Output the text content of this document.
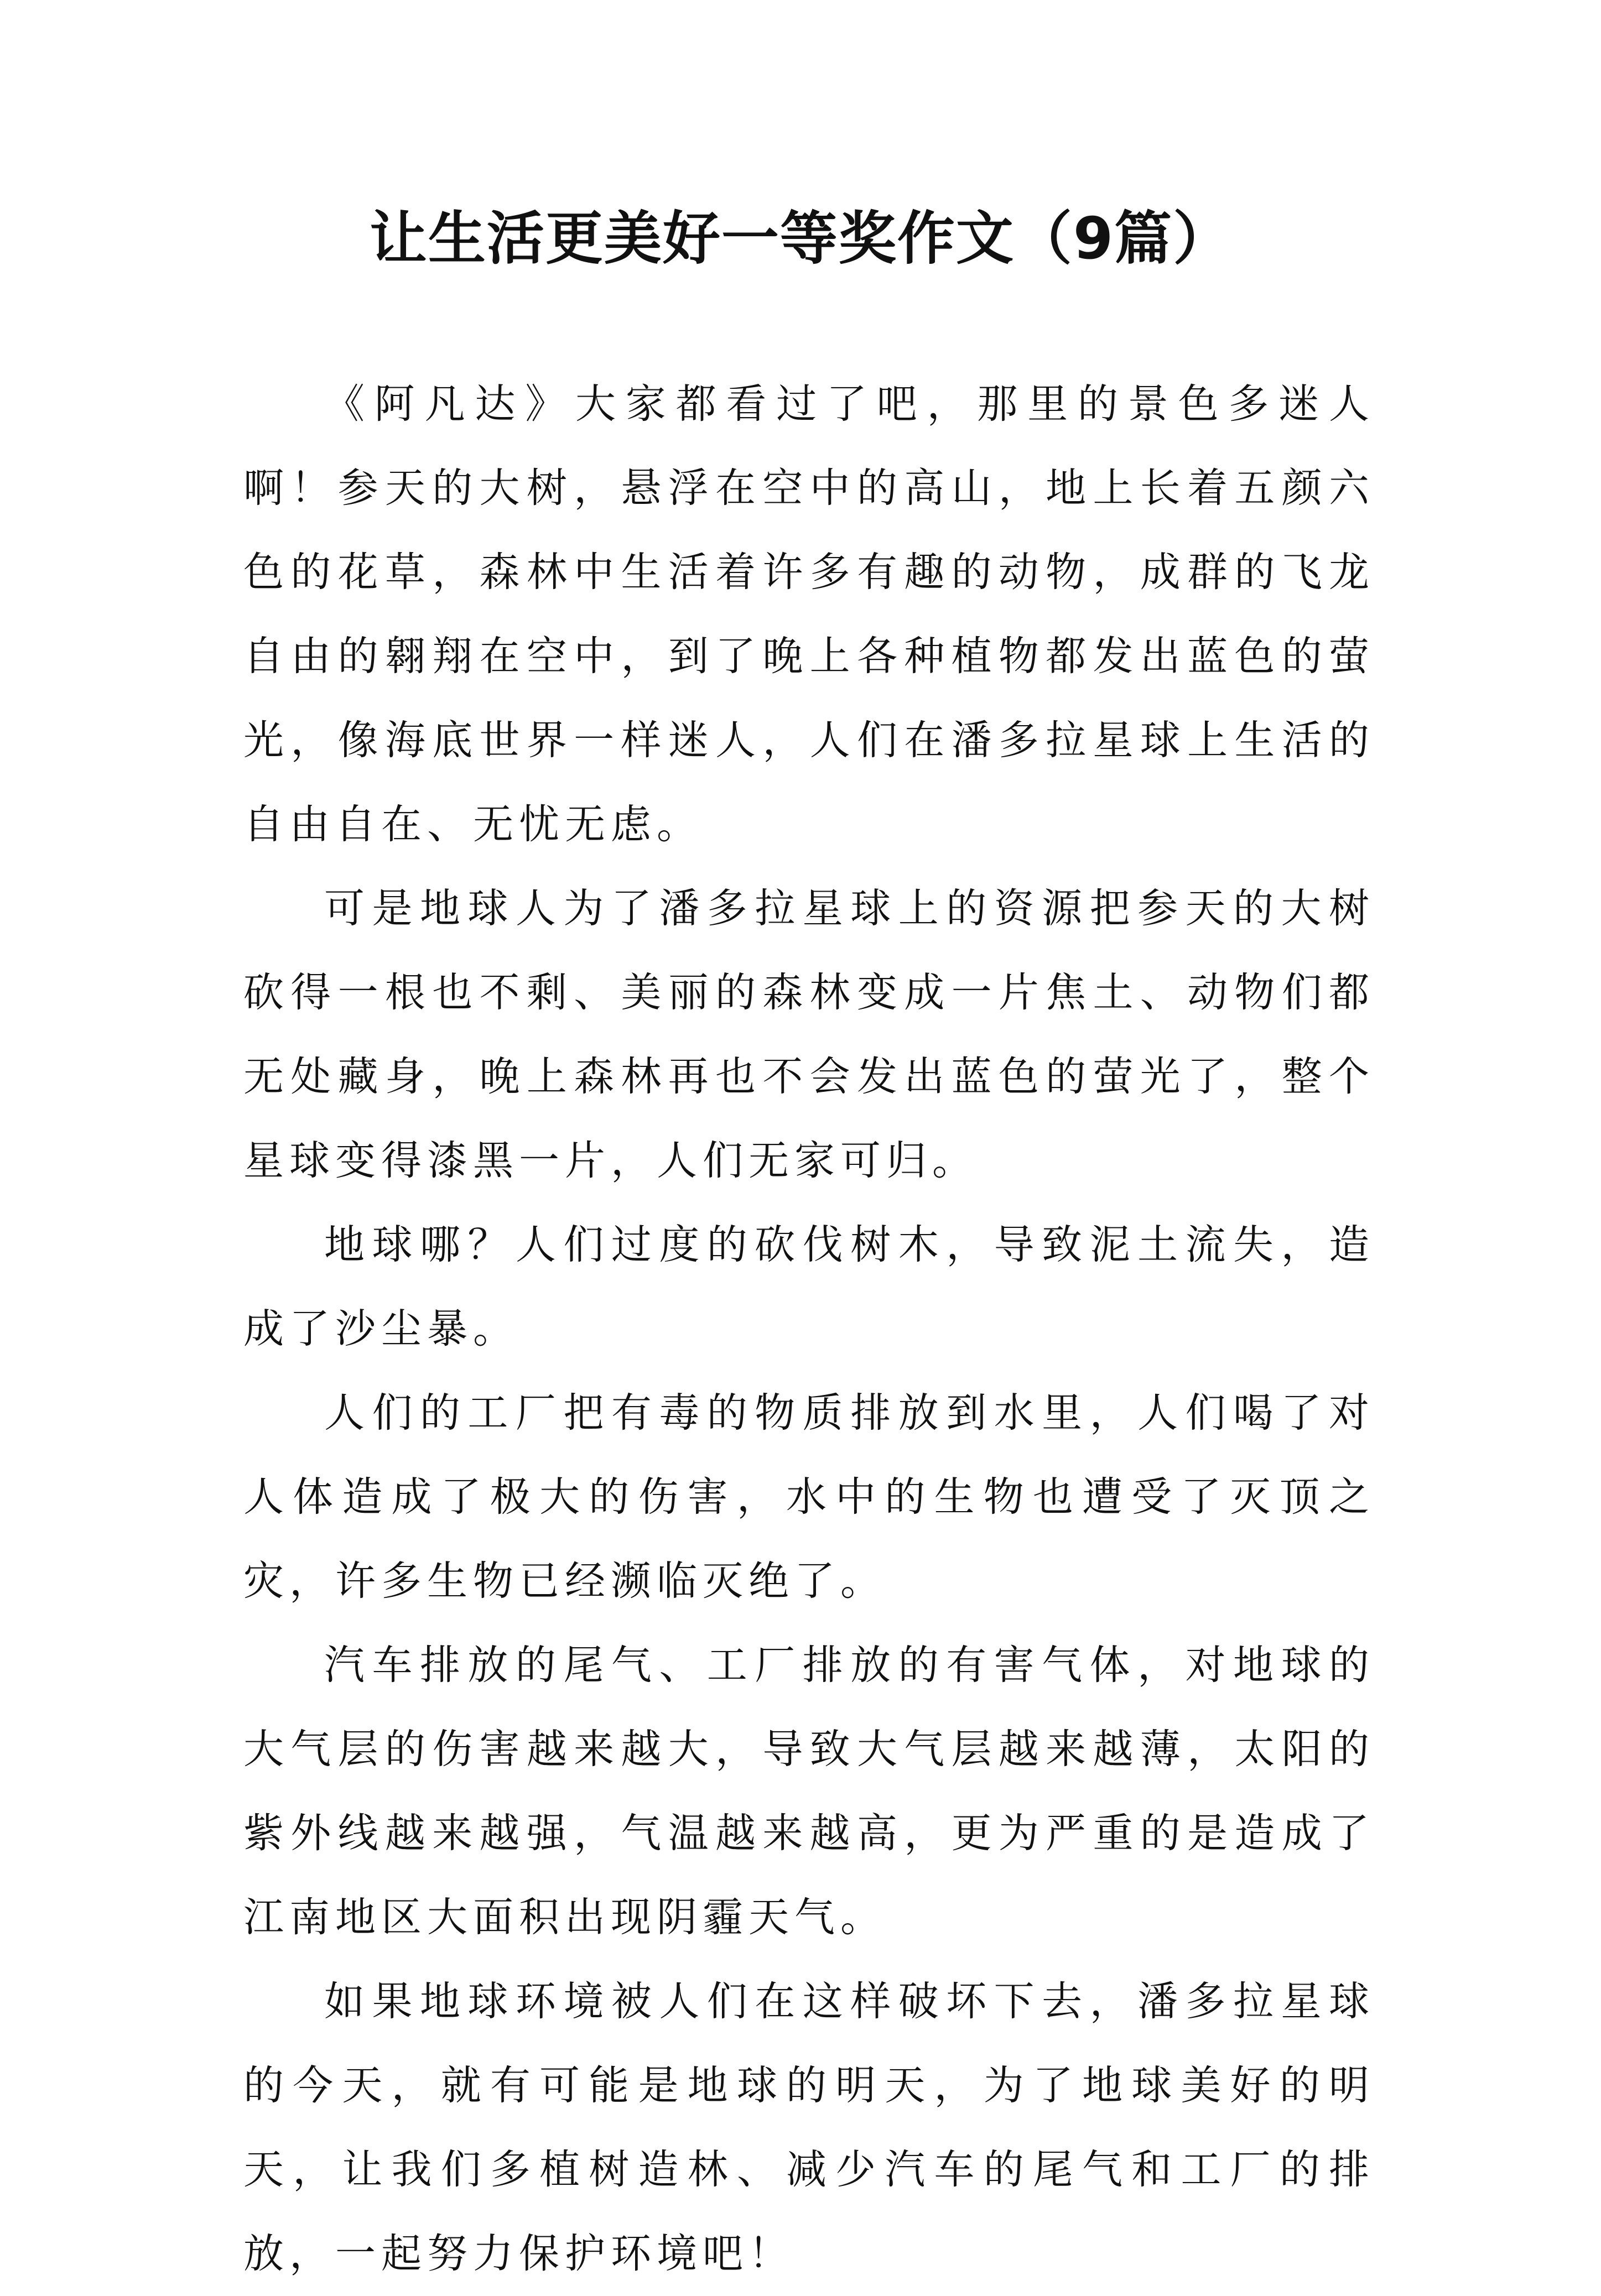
让生活更美好一等奖作文（9篇）

《阿凡达》大家都看过了吧，那里的景色多迷人啊！参天的大树，悬浮在空中的高山，地上长着五颜六色的花草，森林中生活着许多有趣的动物，成群的飞龙自由的翱翔在空中，到了晚上各种植物都发出蓝色的萤光，像海底世界一样迷人，人们在潘多拉星球上生活的自由自在、无忧无虑。

可是地球人为了潘多拉星球上的资源把参天的大树砍得一根也不剩、美丽的森林变成一片焦土、动物们都无处藏身，晚上森林再也不会发出蓝色的萤光了，整个星球变得漆黑一片，人们无家可归。

地球哪？人们过度的砍伐树木，导致泥土流失，造成了沙尘暴。

人们的工厂把有毒的物质排放到水里，人们喝了对人体造成了极大的伤害，水中的生物也遭受了灭顶之灾，许多生物已经濒临灭绝了。

汽车排放的尾气、工厂排放的有害气体，对地球的大气层的伤害越来越大，导致大气层越来越薄，太阳的紫外线越来越强，气温越来越高，更为严重的是造成了江南地区大面积出现阴霾天气。

如果地球环境被人们在这样破坏下去，潘多拉星球的今天，就有可能是地球的明天，为了地球美好的明天，让我们多植树造林、减少汽车的尾气和工厂的排放，一起努力保护环境吧！
